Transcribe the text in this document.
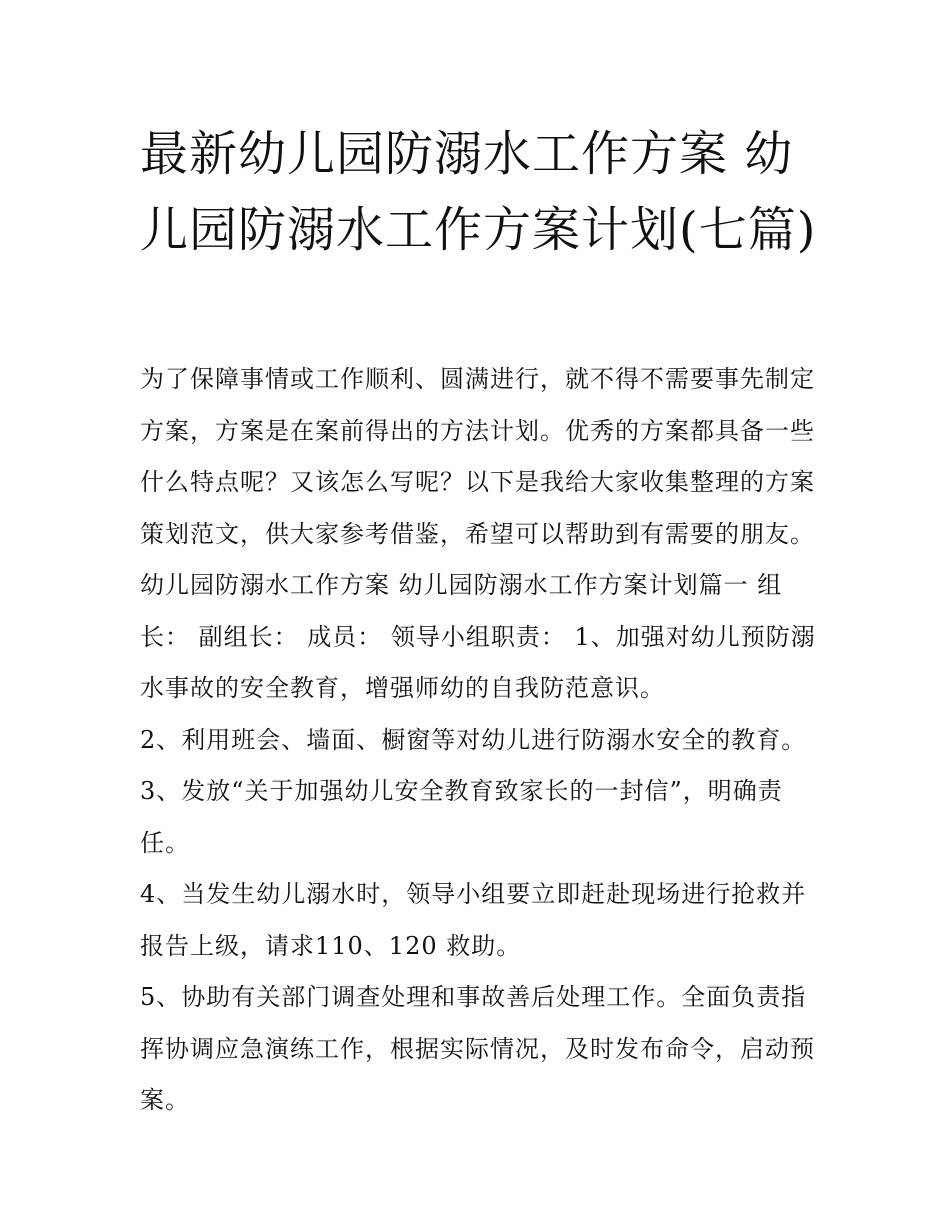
最新幼儿园防溺水工作方案 幼儿园防溺水工作方案计划(七篇)

为了保障事情或工作顺利、圆满进行，就不得不需要事先制定方案，方案是在案前得出的方法计划。优秀的方案都具备一些什么特点呢？又该怎么写呢？以下是我给大家收集整理的方案策划范文，供大家参考借鉴，希望可以帮助到有需要的朋友。

幼儿园防溺水工作方案 幼儿园防溺水工作方案计划篇一 组长： 副组长： 成员： 领导小组职责： 1、加强对幼儿预防溺水事故的安全教育，增强师幼的自我防范意识。

2、利用班会、墙面、橱窗等对幼儿进行防溺水安全的教育。

3、发放“关于加强幼儿安全教育致家长的一封信”，明确责任。

4、当发生幼儿溺水时，领导小组要立即赶赴现场进行抢救并报告上级，请求110、120 救助。

5、协助有关部门调查处理和事故善后处理工作。全面负责指挥协调应急演练工作，根据实际情况，及时发布命令，启动预案。
